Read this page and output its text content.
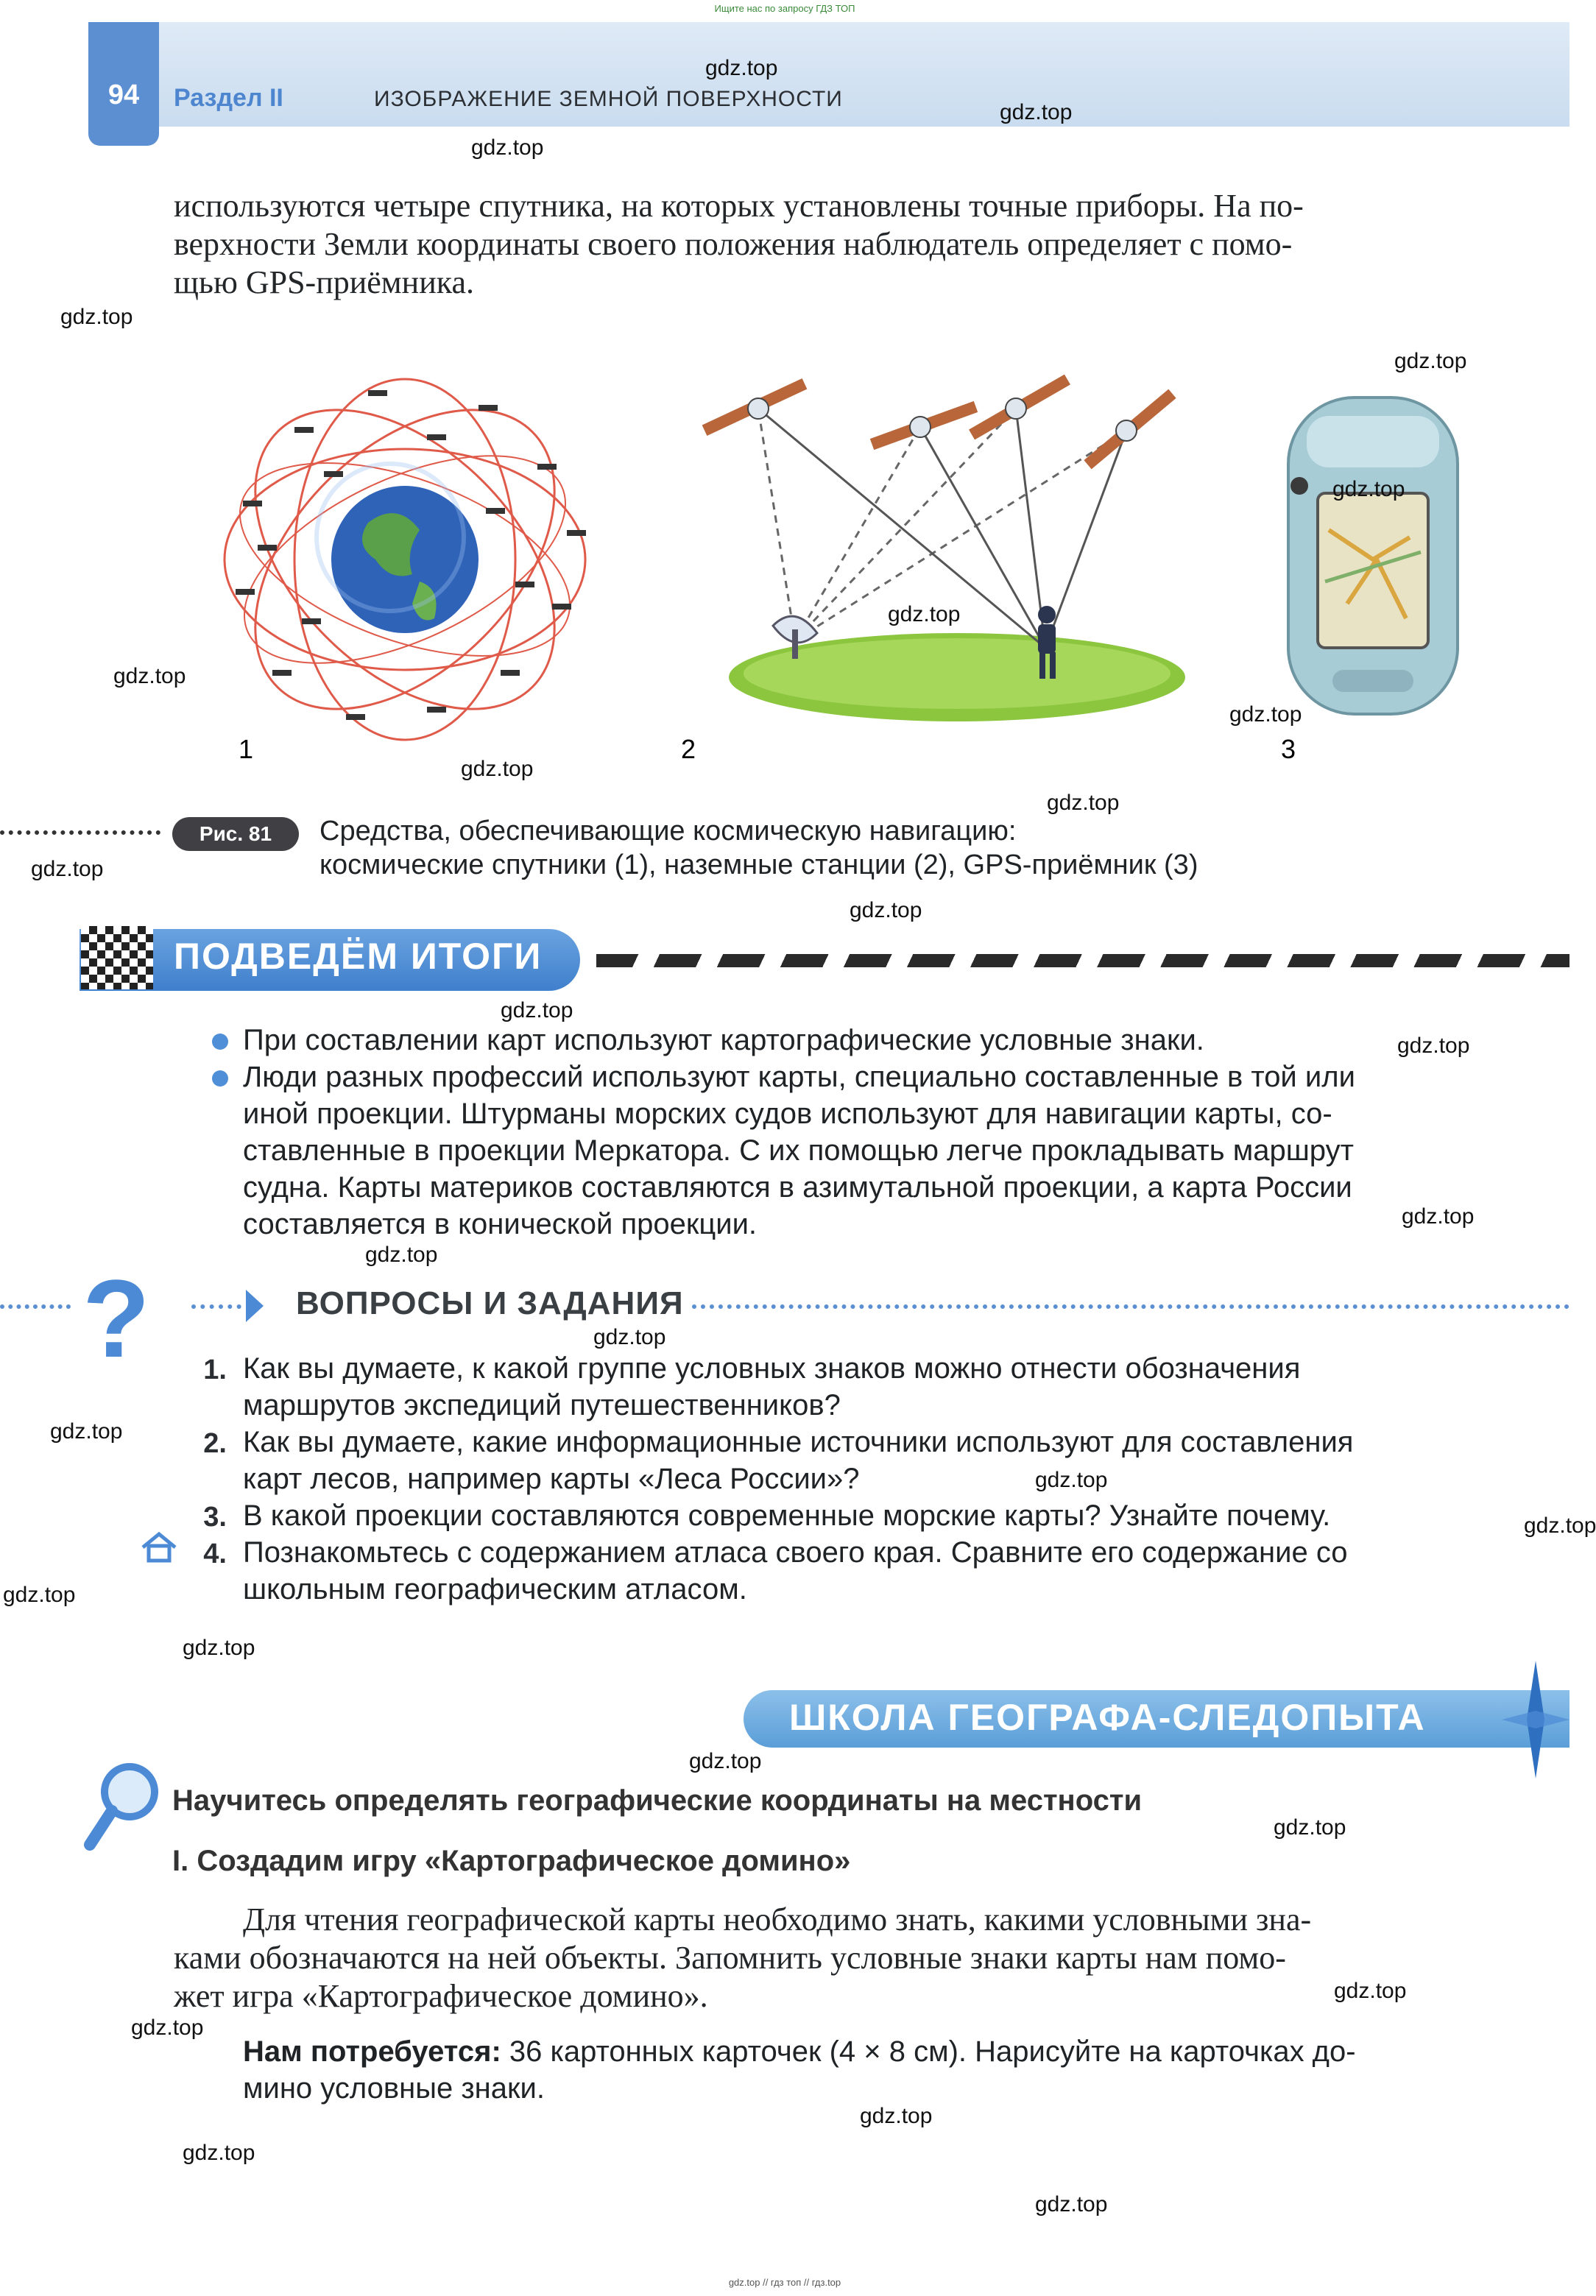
Ищите нас по запросу ГДЗ ТОП
94	Раздел II	ИЗОБРАЖЕНИЕ ЗЕМНОЙ ПОВЕРХНОСТИ
используются четыре спутника, на которых установлены точные приборы. На по-
верхности Земли координаты своего положения наблюдатель определяет с помо-
щью GPS-приёмника.
1	2	3
Рис. 81	Средства, обеспечивающие космическую навигацию:
космические спутники (1), наземные станции (2), GPS-приёмник (3)
ПОДВЕДЁМ ИТОГИ
При составлении карт используют картографические условные знаки.
Люди разных профессий используют карты, специально составленные в той или
иной проекции. Штурманы морских судов используют для навигации карты, со-
ставленные в проекции Меркатора. С их помощью легче прокладывать маршрут
судна. Карты материков составляются в азимутальной проекции, а карта России
составляется в конической проекции.
?	ВОПРОСЫ И ЗАДАНИЯ
1. Как вы думаете, к какой группе условных знаков можно отнести обозначения
маршрутов экспедиций путешественников?
2. Как вы думаете, какие информационные источники используют для составления
карт лесов, например карты «Леса России»?
3. В какой проекции составляются современные морские карты? Узнайте почему.
4. Познакомьтесь с содержанием атласа своего края. Сравните его содержание со
школьным географическим атласом.
ШКОЛА ГЕОГРАФА-СЛЕДОПЫТА
Научитесь определять географические координаты на местности
I. Создадим игру «Картографическое домино»
Для чтения географической карты необходимо знать, какими условными зна-
ками обозначаются на ней объекты. Запомнить условные знаки карты нам помо-
жет игра «Картографическое домино».
Нам потребуется: 36 картонных карточек (4 × 8 см). Нарисуйте на карточках до-
мино условные знаки.
gdz.top
gdz.top
gdz.top
gdz.top
gdz.top
gdz.top
gdz.top
gdz.top
gdz.top
gdz.top
gdz.top
gdz.top
gdz.top
gdz.top
gdz.top
gdz.top
gdz.top
gdz.top
gdz.top
gdz.top
gdz.top
gdz.top
gdz.top
gdz.top
gdz.top
gdz.top
gdz.top
gdz.top
gdz.top
gdz.top
gdz.top // гдз топ // гдз.top
